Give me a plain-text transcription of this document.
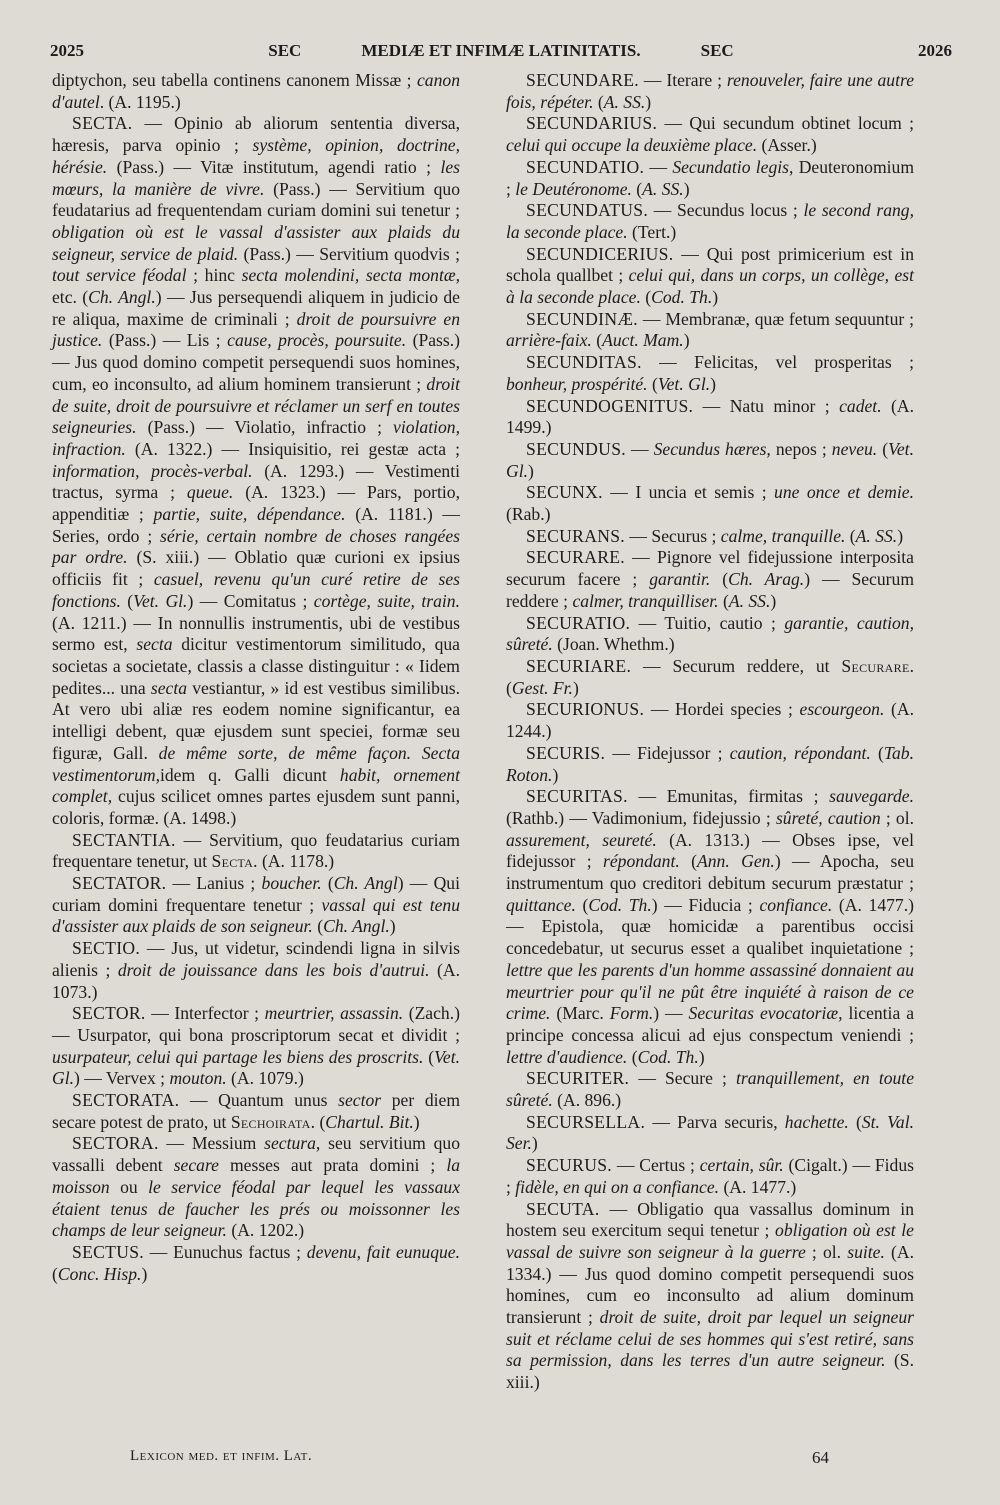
2025	SEC	MEDIÆ ET INFIMÆ LATINITATIS.	SEC	2026

diptychon, seu tabella continens canonem Missæ ; canon d'autel. (A. 1195.)

SECTA. — Opinio ab aliorum sententia diversa, hæresis, parva opinio ; système, opinion, doctrine, hérésie. (Pass.) — Vitæ institutum, agendi ratio ; les mœurs, la manière de vivre. (Pass.) — Servitium quo feudatarius ad frequentendam curiam domini sui tenetur ; obligation où est le vassal d'assister aux plaids du seigneur, service de plaid. (Pass.) — Servitium quodvis ; tout service féodal ; hinc secta molendini, secta montæ, etc. (Ch. Angl.) — Jus persequendi aliquem in judicio de re aliqua, maxime de criminali ; droit de poursuivre en justice. (Pass.) — Lis ; cause, procès, poursuite. (Pass.) — Jus quod domino competit persequendi suos homines, cum, eo inconsulto, ad alium hominem transierunt ; droit de suite, droit de poursuivre et réclamer un serf en toutes seigneuries. (Pass.) — Violatio, infractio ; violation, infraction. (A. 1322.) — Insiquisitio, rei gestæ acta ; information, procès-verbal. (A. 1293.) — Vestimenti tractus, syrma ; queue. (A. 1323.) — Pars, portio, appenditiæ ; partie, suite, dépendance. (A. 1181.) — Series, ordo ; série, certain nombre de choses rangées par ordre. (S. xiii.) — Oblatio quæ curioni ex ipsius officiis fit ; casuel, revenu qu'un curé retire de ses fonctions. (Vet. Gl.) — Comitatus ; cortège, suite, train. (A. 1211.) — In nonnullis instrumentis, ubi de vestibus sermo est, secta dicitur vestimentorum similitudo, qua societas a societate, classis a classe distinguitur : « Iidem pedites... una secta vestiantur, » id est vestibus similibus. At vero ubi aliæ res eodem nomine significantur, ea intelligi debent, quæ ejusdem sunt speciei, formæ seu figuræ, Gall. de même sorte, de même façon. Secta vestimentorum,idem q. Galli dicunt habit, ornement complet, cujus scilicet omnes partes ejusdem sunt panni, coloris, formæ. (A. 1498.)

SECTANTIA. — Servitium, quo feudatarius curiam frequentare tenetur, ut Secta. (A. 1178.)

SECTATOR. — Lanius ; boucher. (Ch. Angl) — Qui curiam domini frequentare tenetur ; vassal qui est tenu d'assister aux plaids de son seigneur. (Ch. Angl.)

SECTIO. — Jus, ut videtur, scindendi ligna in silvis alienis ; droit de jouissance dans les bois d'autrui. (A. 1073.)

SECTOR. — Interfector ; meurtrier, assassin. (Zach.) — Usurpator, qui bona proscriptorum secat et dividit ; usurpateur, celui qui partage les biens des proscrits. (Vet. Gl.) — Vervex ; mouton. (A. 1079.)

SECTORATA. — Quantum unus sector per diem secare potest de prato, ut Sechoirata. (Chartul. Bit.)

SECTORA. — Messium sectura, seu servitium quo vassalli debent secare messes aut prata domini ; la moisson ou le service féodal par lequel les vassaux étaient tenus de faucher les prés ou moissonner les champs de leur seigneur. (A. 1202.)

SECTUS. — Eunuchus factus ; devenu, fait eunuque. (Conc. Hisp.)

SECUNDARE. — Iterare ; renouveler, faire une autre fois, répéter. (A. SS.)

SECUNDARIUS. — Qui secundum obtinet locum ; celui qui occupe la deuxième place. (Asser.)

SECUNDATIO. — Secundatio legis, Deuteronomium ; le Deutéronome. (A. SS.)

SECUNDATUS. — Secundus locus ; le second rang, la seconde place. (Tert.)

SECUNDICERIUS. — Qui post primicerium est in schola quallbet ; celui qui, dans un corps, un collège, est à la seconde place. (Cod. Th.)

SECUNDINÆ. — Membranæ, quæ fetum sequuntur ; arrière-faix. (Auct. Mam.)

SECUNDITAS. — Felicitas, vel prosperitas ; bonheur, prospérité. (Vet. Gl.)

SECUNDOGENITUS. — Natu minor ; cadet. (A. 1499.)

SECUNDUS. — Secundus hæres, nepos ; neveu. (Vet. Gl.)

SECUNX. — I uncia et semis ; une once et demie. (Rab.)

SECURANS. — Securus ; calme, tranquille. (A. SS.)

SECURARE. — Pignore vel fidejussione interposita securum facere ; garantir. (Ch. Arag.) — Securum reddere ; calmer, tranquilliser. (A. SS.)

SECURATIO. — Tuitio, cautio ; garantie, caution, sûreté. (Joan. Whethm.)

SECURIARE. — Securum reddere, ut Securare. (Gest. Fr.)

SECURIONUS. — Hordei species ; escourgeon. (A. 1244.)

SECURIS. — Fidejussor ; caution, répondant. (Tab. Roton.)

SECURITAS. — Emunitas, firmitas ; sauvegarde. (Rathb.) — Vadimonium, fidejussio ; sûreté, caution ; ol. assurement, seureté. (A. 1313.) — Obses ipse, vel fidejussor ; répondant. (Ann. Gen.) — Apocha, seu instrumentum quo creditori debitum securum præstatur ; quittance. (Cod. Th.) — Fiducia ; confiance. (A. 1477.) — Epistola, quæ homicidæ a parentibus occisi concedebatur, ut securus esset a qualibet inquietatione ; lettre que les parents d'un homme assassiné donnaient au meurtrier pour qu'il ne pût être inquiété à raison de ce crime. (Marc. Form.) — Securitas evocatoriæ, licentia a principe concessa alicui ad ejus conspectum veniendi ; lettre d'audience. (Cod. Th.)

SECURITER. — Secure ; tranquillement, en toute sûreté. (A. 896.)

SECURSELLA. — Parva securis, hachette. (St. Val. Ser.)

SECURUS. — Certus ; certain, sûr. (Cigalt.) — Fidus ; fidèle, en qui on a confiance. (A. 1477.)

SECUTA. — Obligatio qua vassallus dominum in hostem seu exercitum sequi tenetur ; obligation où est le vassal de suivre son seigneur à la guerre ; ol. suite. (A. 1334.) — Jus quod domino competit persequendi suos homines, cum eo inconsulto ad alium dominum transierunt ; droit de suite, droit par lequel un seigneur suit et réclame celui de ses hommes qui s'est retiré, sans sa permission, dans les terres d'un autre seigneur. (S. xiii.)

Lexicon med. et infim. Lat.	64
